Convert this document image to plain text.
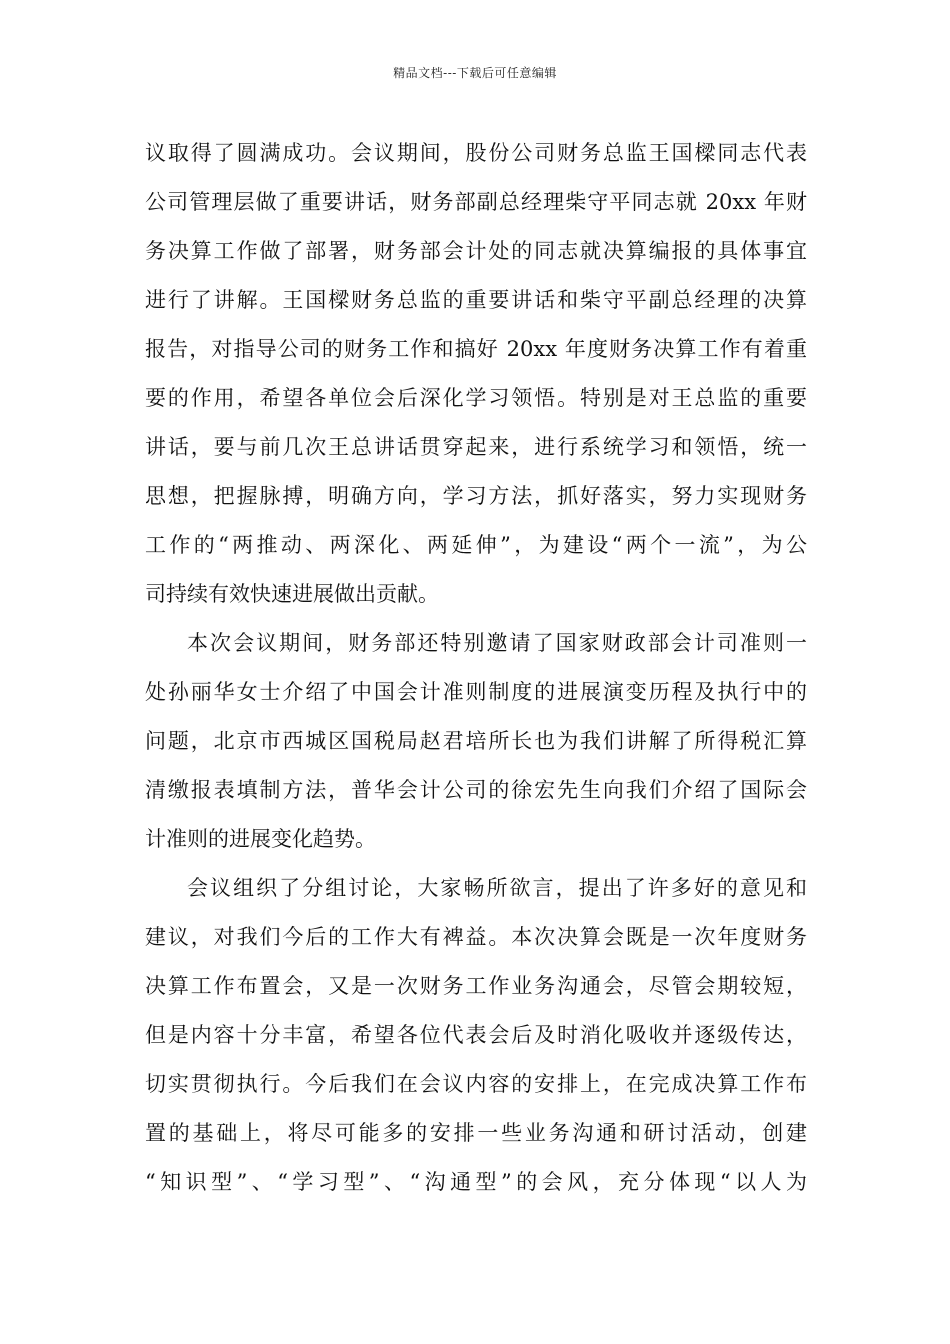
精品文档---下载后可任意编辑
议取得了圆满成功。会议期间，股份公司财务总监王国樑同志代表
公司管理层做了重要讲话，财务部副总经理柴守平同志就 20xx 年财
务决算工作做了部署，财务部会计处的同志就决算编报的具体事宜
进行了讲解。王国樑财务总监的重要讲话和柴守平副总经理的决算
报告，对指导公司的财务工作和搞好 20xx 年度财务决算工作有着重
要的作用，希望各单位会后深化学习领悟。特别是对王总监的重要
讲话，要与前几次王总讲话贯穿起来，进行系统学习和领悟，统一
思想，把握脉搏，明确方向，学习方法，抓好落实，努力实现财务
工作的“两推动、两深化、两延伸”，为建设“两个一流”，为公
司持续有效快速进展做出贡献。
本次会议期间，财务部还特别邀请了国家财政部会计司准则一
处孙丽华女士介绍了中国会计准则制度的进展演变历程及执行中的
问题，北京市西城区国税局赵君培所长也为我们讲解了所得税汇算
清缴报表填制方法，普华会计公司的徐宏先生向我们介绍了国际会
计准则的进展变化趋势。
会议组织了分组讨论，大家畅所欲言，提出了许多好的意见和
建议，对我们今后的工作大有裨益。本次决算会既是一次年度财务
决算工作布置会，又是一次财务工作业务沟通会，尽管会期较短，
但是内容十分丰富，希望各位代表会后及时消化吸收并逐级传达，
切实贯彻执行。今后我们在会议内容的安排上，在完成决算工作布
置的基础上，将尽可能多的安排一些业务沟通和研讨活动，创建
“知识型”、“学习型”、“沟通型”的会风，充分体现“以人为
